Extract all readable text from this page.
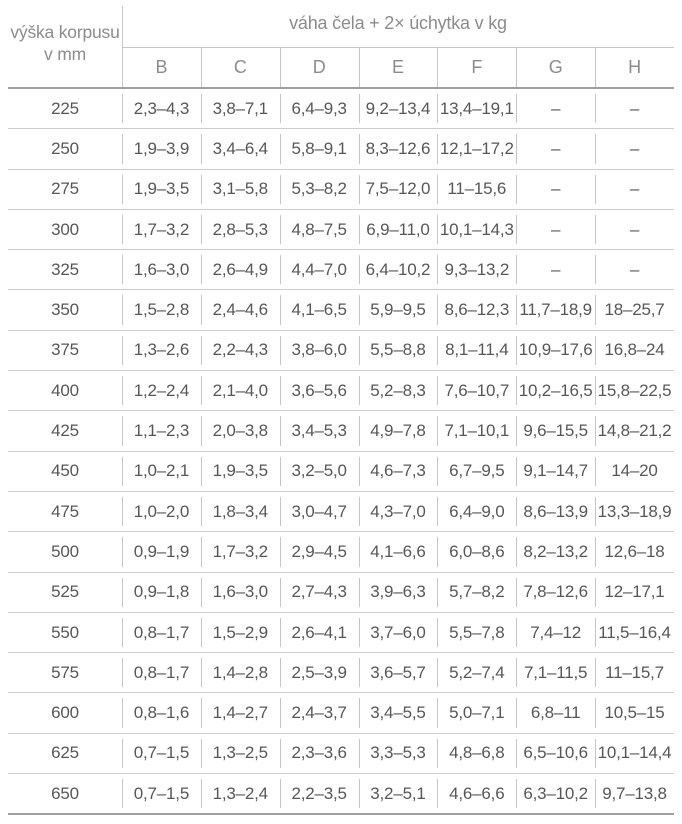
výška korpusu v mm	váha čela + 2× úchytka v kg						
	B	C	D	E	F	G	H
225	2,3–4,3	3,8–7,1	6,4–9,3	9,2–13,4	13,4–19,1	–	–
250	1,9–3,9	3,4–6,4	5,8–9,1	8,3–12,6	12,1–17,2	–	–
275	1,9–3,5	3,1–5,8	5,3–8,2	7,5–12,0	11–15,6	–	–
300	1,7–3,2	2,8–5,3	4,8–7,5	6,9–11,0	10,1–14,3	–	–
325	1,6–3,0	2,6–4,9	4,4–7,0	6,4–10,2	9,3–13,2	–	–
350	1,5–2,8	2,4–4,6	4,1–6,5	5,9–9,5	8,6–12,3	11,7–18,9	18–25,7
375	1,3–2,6	2,2–4,3	3,8–6,0	5,5–8,8	8,1–11,4	10,9–17,6	16,8–24
400	1,2–2,4	2,1–4,0	3,6–5,6	5,2–8,3	7,6–10,7	10,2–16,5	15,8–22,5
425	1,1–2,3	2,0–3,8	3,4–5,3	4,9–7,8	7,1–10,1	9,6–15,5	14,8–21,2
450	1,0–2,1	1,9–3,5	3,2–5,0	4,6–7,3	6,7–9,5	9,1–14,7	14–20
475	1,0–2,0	1,8–3,4	3,0–4,7	4,3–7,0	6,4–9,0	8,6–13,9	13,3–18,9
500	0,9–1,9	1,7–3,2	2,9–4,5	4,1–6,6	6,0–8,6	8,2–13,2	12,6–18
525	0,9–1,8	1,6–3,0	2,7–4,3	3,9–6,3	5,7–8,2	7,8–12,6	12–17,1
550	0,8–1,7	1,5–2,9	2,6–4,1	3,7–6,0	5,5–7,8	7,4–12	11,5–16,4
575	0,8–1,7	1,4–2,8	2,5–3,9	3,6–5,7	5,2–7,4	7,1–11,5	11–15,7
600	0,8–1,6	1,4–2,7	2,4–3,7	3,4–5,5	5,0–7,1	6,8–11	10,5–15
625	0,7–1,5	1,3–2,5	2,3–3,6	3,3–5,3	4,8–6,8	6,5–10,6	10,1–14,4
650	0,7–1,5	1,3–2,4	2,2–3,5	3,2–5,1	4,6–6,6	6,3–10,2	9,7–13,8
